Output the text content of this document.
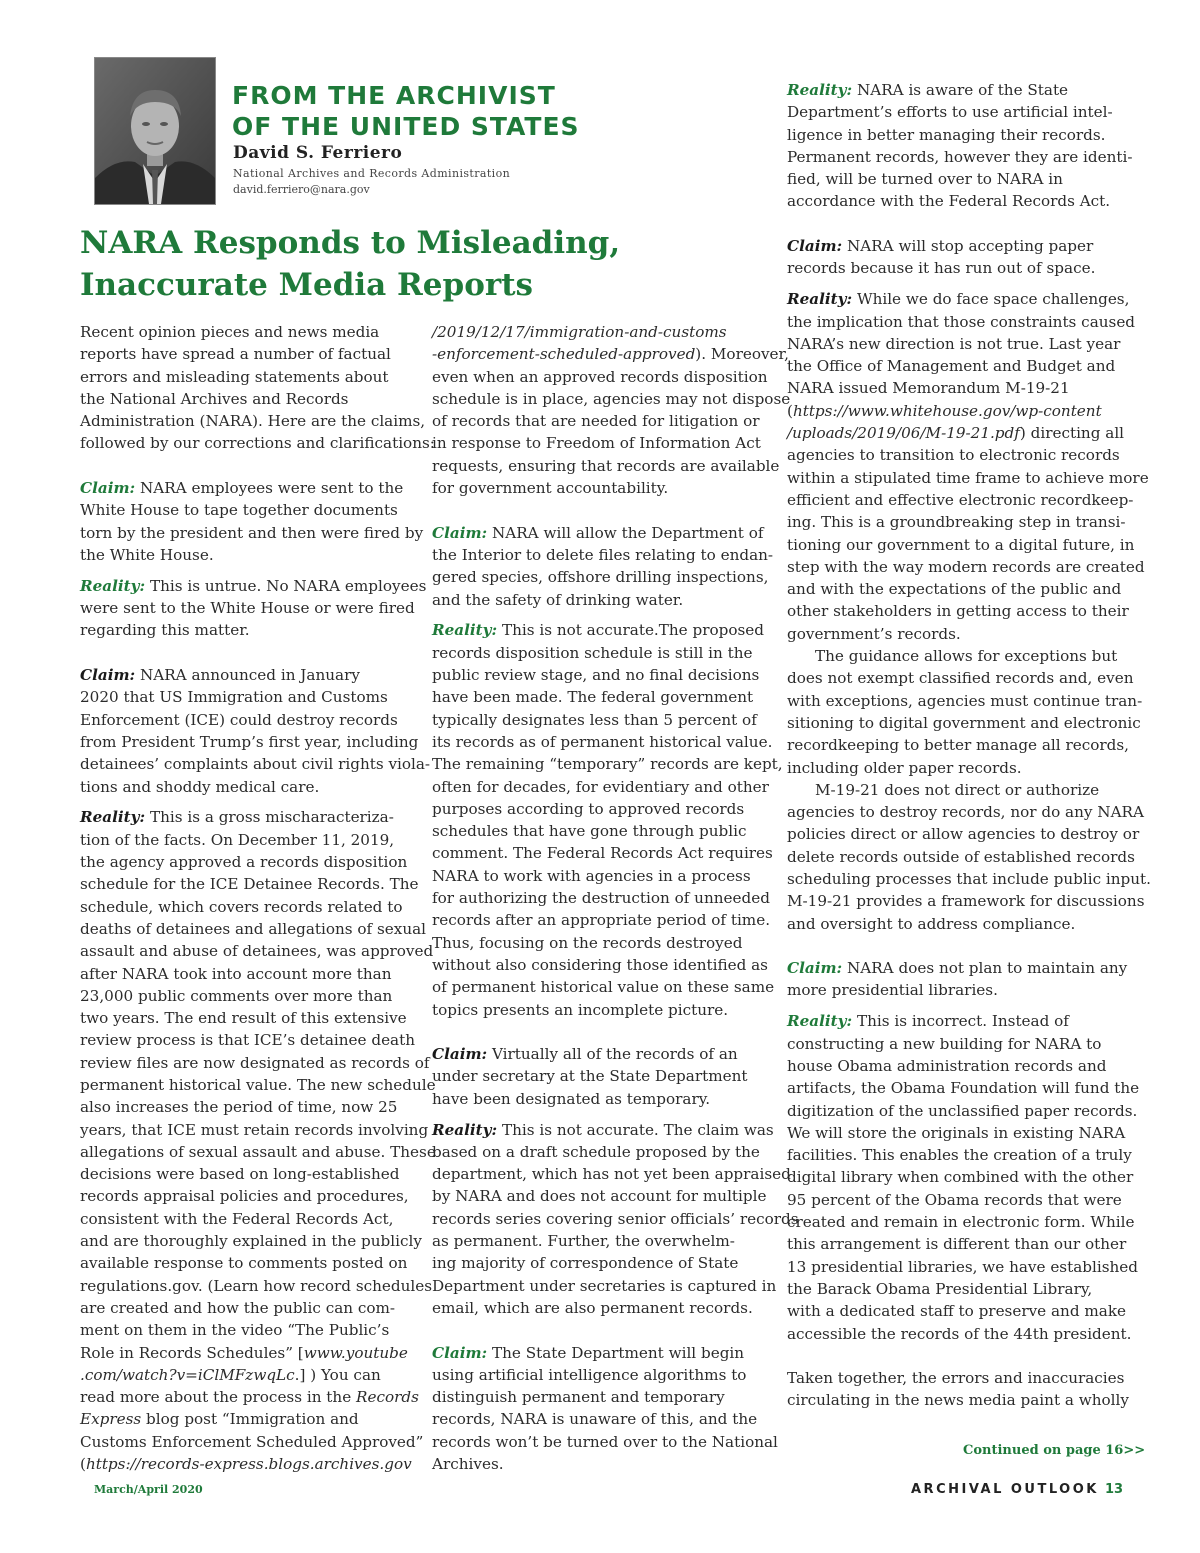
FROM THE ARCHIVIST
OF THE UNITED STATES
David S. Ferriero
National Archives and Records Administration
david.ferriero@nara.gov
NARA Responds to Misleading,
Inaccurate Media Reports
Recent opinion pieces and news media
reports have spread a number of factual
errors and misleading statements about
the National Archives and Records
Administration (NARA). Here are the claims,
followed by our corrections and clarifications:
Claim: NARA employees were sent to the
White House to tape together documents
torn by the president and then were fired by
the White House.
Reality: This is untrue. No NARA employees
were sent to the White House or were fired
regarding this matter.
Claim: NARA announced in January
2020 that US Immigration and Customs
Enforcement (ICE) could destroy records
from President Trump’s first year, including
detainees’ complaints about civil rights viola-
tions and shoddy medical care.
Reality: This is a gross mischaracteriza-
tion of the facts. On December 11, 2019,
the agency approved a records disposition
schedule for the ICE Detainee Records. The
schedule, which covers records related to
deaths of detainees and allegations of sexual
assault and abuse of detainees, was approved
after NARA took into account more than
23,000 public comments over more than
two years. The end result of this extensive
review process is that ICE’s detainee death
review files are now designated as records of
permanent historical value. The new schedule
also increases the period of time, now 25
years, that ICE must retain records involving
allegations of sexual assault and abuse. These
decisions were based on long-established
records appraisal policies and procedures,
consistent with the Federal Records Act,
and are thoroughly explained in the publicly
available response to comments posted on
regulations.gov. (Learn how record schedules
are created and how the public can com-
ment on them in the video “The Public’s
Role in Records Schedules” [www.youtube
.com/watch?v=iClMFzwqLc.] ) You can
read more about the process in the Records
Express blog post “Immigration and
Customs Enforcement Scheduled Approved”
(https://records-express.blogs.archives.gov
/2019/12/17/immigration-and-customs
-enforcement-scheduled-approved). Moreover,
even when an approved records disposition
schedule is in place, agencies may not dispose
of records that are needed for litigation or
in response to Freedom of Information Act
requests, ensuring that records are available
for government accountability.
Claim: NARA will allow the Department of
the Interior to delete files relating to endan-
gered species, offshore drilling inspections,
and the safety of drinking water.
Reality: This is not accurate.The proposed
records disposition schedule is still in the
public review stage, and no final decisions
have been made. The federal government
typically designates less than 5 percent of
its records as of permanent historical value.
The remaining “temporary” records are kept,
often for decades, for evidentiary and other
purposes according to approved records
schedules that have gone through public
comment. The Federal Records Act requires
NARA to work with agencies in a process
for authorizing the destruction of unneeded
records after an appropriate period of time.
Thus, focusing on the records destroyed
without also considering those identified as
of permanent historical value on these same
topics presents an incomplete picture.
Claim: Virtually all of the records of an
under secretary at the State Department
have been designated as temporary.
Reality: This is not accurate. The claim was
based on a draft schedule proposed by the
department, which has not yet been appraised
by NARA and does not account for multiple
records series covering senior officials’ records
as permanent. Further, the overwhelm-
ing majority of correspondence of State
Department under secretaries is captured in
email, which are also permanent records.
Claim: The State Department will begin
using artificial intelligence algorithms to
distinguish permanent and temporary
records, NARA is unaware of this, and the
records won’t be turned over to the National
Archives.
Reality: NARA is aware of the State
Department’s efforts to use artificial intel-
ligence in better managing their records.
Permanent records, however they are identi-
fied, will be turned over to NARA in
accordance with the Federal Records Act.
Claim: NARA will stop accepting paper
records because it has run out of space.
Reality: While we do face space challenges,
the implication that those constraints caused
NARA’s new direction is not true. Last year
the Office of Management and Budget and
NARA issued Memorandum M-19-21
(https://www.whitehouse.gov/wp-content
/uploads/2019/06/M-19-21.pdf) directing all
agencies to transition to electronic records
within a stipulated time frame to achieve more
efficient and effective electronic recordkeep-
ing. This is a groundbreaking step in transi-
tioning our government to a digital future, in
step with the way modern records are created
and with the expectations of the public and
other stakeholders in getting access to their
government’s records.
The guidance allows for exceptions but
does not exempt classified records and, even
with exceptions, agencies must continue tran-
sitioning to digital government and electronic
recordkeeping to better manage all records,
including older paper records.
M-19-21 does not direct or authorize
agencies to destroy records, nor do any NARA
policies direct or allow agencies to destroy or
delete records outside of established records
scheduling processes that include public input.
M-19-21 provides a framework for discussions
and oversight to address compliance.
Claim: NARA does not plan to maintain any
more presidential libraries.
Reality: This is incorrect. Instead of
constructing a new building for NARA to
house Obama administration records and
artifacts, the Obama Foundation will fund the
digitization of the unclassified paper records.
We will store the originals in existing NARA
facilities. This enables the creation of a truly
digital library when combined with the other
95 percent of the Obama records that were
created and remain in electronic form. While
this arrangement is different than our other
13 presidential libraries, we have established
the Barack Obama Presidential Library,
with a dedicated staff to preserve and make
accessible the records of the 44th president.
Taken together, the errors and inaccuracies
circulating in the news media paint a wholly
Continued on page 16>>
March/April 2020	ARCHIVAL OUTLOOK 13
